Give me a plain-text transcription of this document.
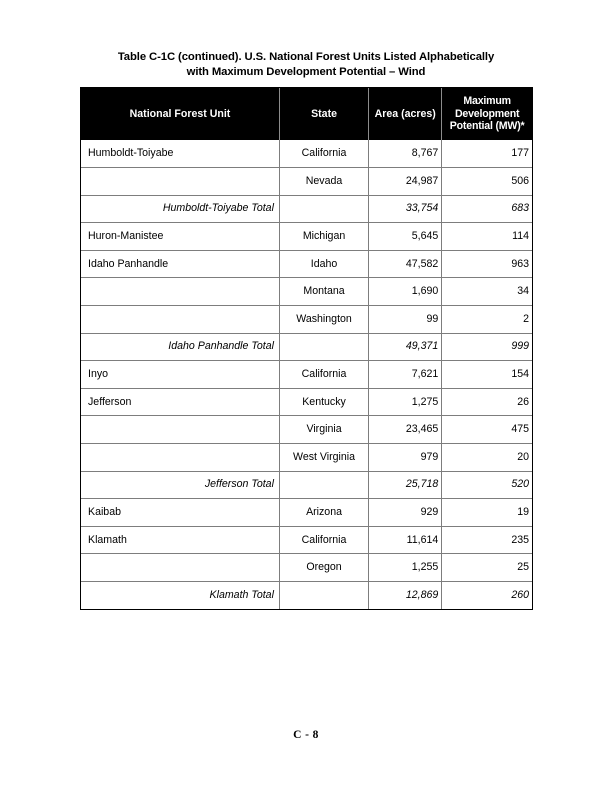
Table C-1C (continued). U.S. National Forest Units Listed Alphabetically
with Maximum Development Potential – Wind
National Forest Unit	State	Area (acres)	Maximum
Development
Potential (MW)*

Humboldt-Toiyabe	California	8,767	177
	Nevada	24,987	506
Humboldt-Toiyabe Total		33,754	683
Huron-Manistee	Michigan	5,645	114
Idaho Panhandle	Idaho	47,582	963
	Montana	1,690	34
	Washington	99	2
Idaho Panhandle Total		49,371	999
Inyo	California	7,621	154
Jefferson	Kentucky	1,275	26
	Virginia	23,465	475
	West Virginia	979	20
Jefferson Total		25,718	520
Kaibab	Arizona	929	19
Klamath	California	11,614	235
	Oregon	1,255	25
Klamath Total		12,869	260
C - 8
